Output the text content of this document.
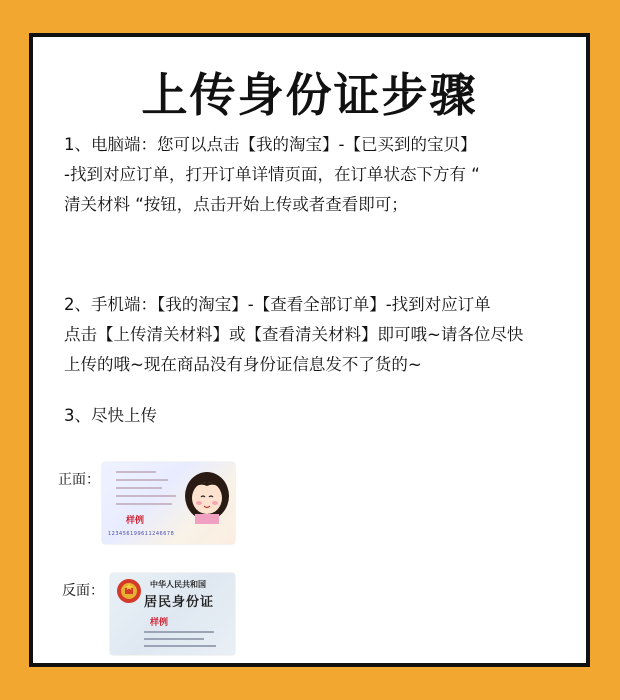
上传身份证步骤
1、电脑端：您可以点击【我的淘宝】-【已买到的宝贝】
-找到对应订单，打开订单详情页面，在订单状态下方有 “
清关材料 “按钮，点击开始上传或者查看即可；
2、手机端：【我的淘宝】-【查看全部订单】-找到对应订单
点击【上传清关材料】或【查看清关材料】即可哦~请各位尽快
上传的哦~现在商品没有身份证信息发不了货的~
3、尽快上传
正面：
样例
123456199611246678
反面：	中华人民共和国
居民身份证
样例
